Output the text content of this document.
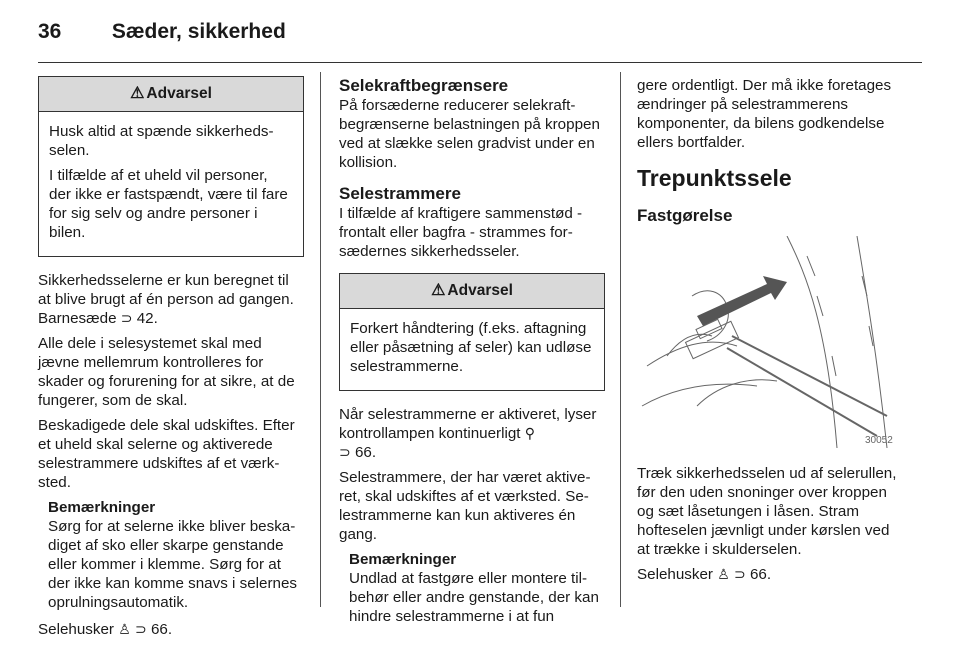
36 Sæder, sikkerhed
⚠ Advarsel

Husk altid at spænde sikkerhedsselen.

I tilfælde af et uheld vil personer, der ikke er fastspændt, være til fare for sig selv og andre personer i bilen.

Sikkerhedsselerne er kun beregnet til at blive brugt af én person ad gangen. Barnesæde ⊃ 42.

Alle dele i selesystemet skal med jævne mellemrum kontrolleres for skader og forurening for at sikre, at de fungerer, som de skal.

Beskadigede dele skal udskiftes. Efter et uheld skal selerne og aktiverede selestrammere udskiftes af et værksted.

Bemærkninger
Sørg for at selerne ikke bliver beskadiget af sko eller skarpe genstande eller kommer i klemme. Sørg for at der ikke kan komme snavs i selernes oprulningsautomatik.

Selehusker ♙ ⊃ 66.

Selekraftbegrænsere
På forsæderne reducerer selekraftbegrænserne belastningen på kroppen ved at slække selen gradvist under en kollision.
Selestrammere
I tilfælde af kraftigere sammenstød - frontalt eller bagfra - strammes forsædernes sikkerhedsseler.
⚠ Advarsel

Forkert håndtering (f.eks. aftagning eller påsætning af seler) kan udløse selestrammerne.

Når selestrammerne er aktiveret, lyser kontrollampen kontinuerligt ⚲
⊃ 66.

Selestrammere, der har været aktiveret, skal udskiftes af et værksted. Selestrammerne kan kun aktiveres én gang.

Bemærkninger
Undlad at fastgøre eller montere tilbehør eller andre genstande, der kan hindre selestrammerne i at fun
gere ordentligt. Der må ikke foretages ændringer på selestrammerens komponenter, da bilens godkendelse ellers bortfalder.
Trepunktssele
Fastgørelse
30052

Træk sikkerhedsselen ud af selerullen, før den uden snoninger over kroppen og sæt låsetungen i låsen. Stram hofteselen jævnligt under kørslen ved at trække i skulderselen.

Selehusker ♙ ⊃ 66.
